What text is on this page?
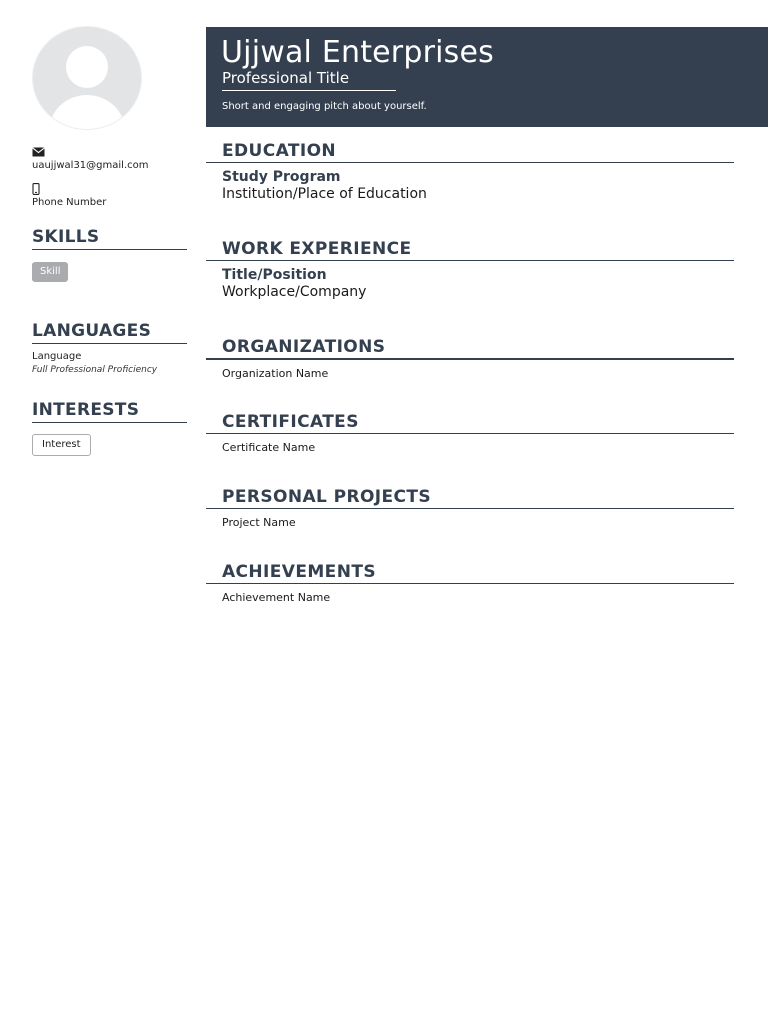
uaujjwal31@gmail.com
Phone Number
SKILLS
Skill
LANGUAGES
Language
Full Professional Proficiency
INTERESTS
Interest
Ujjwal Enterprises
Professional Title
Short and engaging pitch about yourself.
EDUCATION
Study Program
Institution/Place of Education
WORK EXPERIENCE
Title/Position
Workplace/Company
ORGANIZATIONS
Organization Name
CERTIFICATES
Certificate Name
PERSONAL PROJECTS
Project Name
ACHIEVEMENTS
Achievement Name
